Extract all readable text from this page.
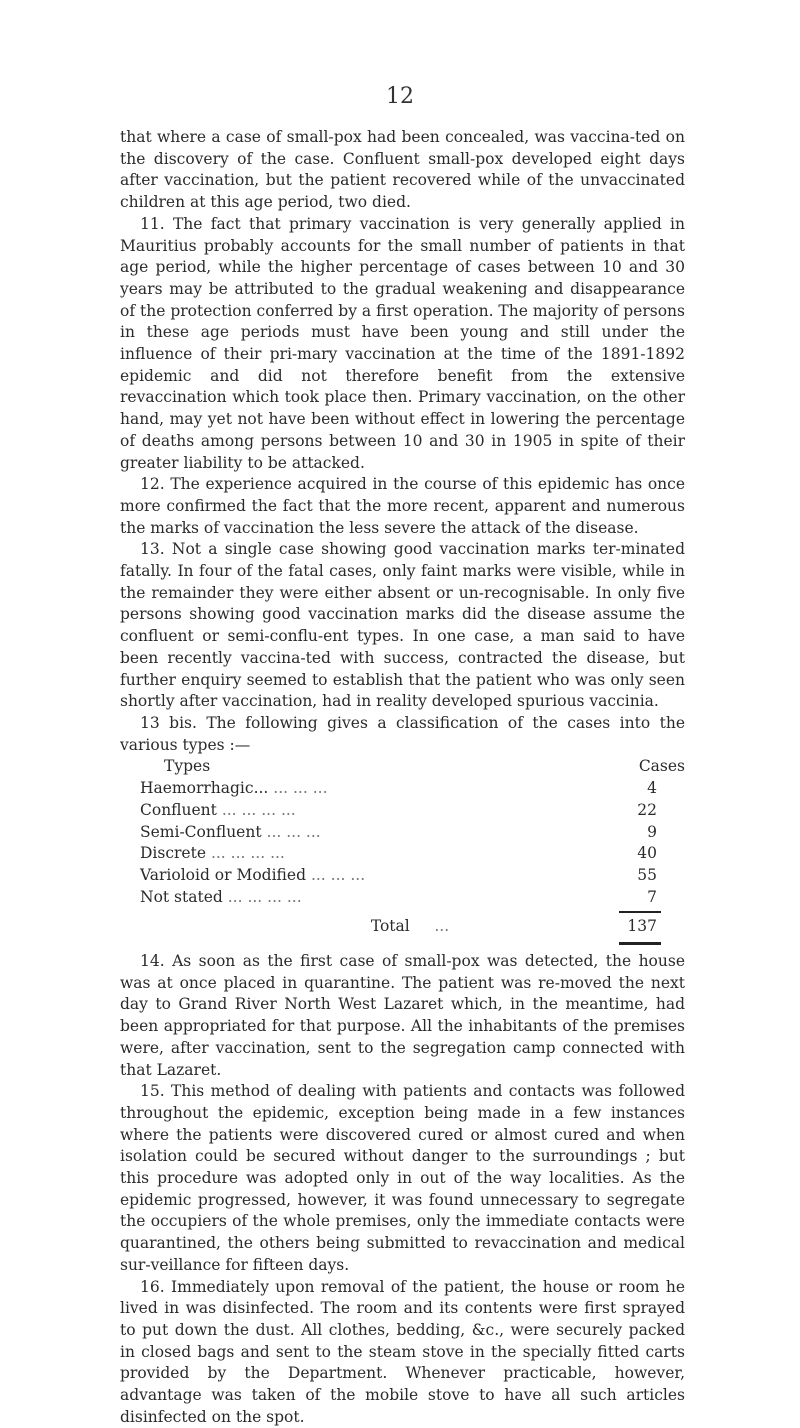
12

that where a case of small-pox had been concealed, was vaccina-ted on the discovery of the case. Confluent small-pox developed eight days after vaccination, but the patient recovered while of the unvaccinated children at this age period, two died.

11. The fact that primary vaccination is very generally applied in Mauritius probably accounts for the small number of patients in that age period, while the higher percentage of cases between 10 and 30 years may be attributed to the gradual weakening and disappearance of the protection conferred by a first operation. The majority of persons in these age periods must have been young and still under the influence of their pri-mary vaccination at the time of the 1891-1892 epidemic and did not therefore benefit from the extensive revaccination which took place then. Primary vaccination, on the other hand, may yet not have been without effect in lowering the percentage of deaths among persons between 10 and 30 in 1905 in spite of their greater liability to be attacked.

12. The experience acquired in the course of this epidemic has once more confirmed the fact that the more recent, apparent and numerous the marks of vaccination the less severe the attack of the disease.

13. Not a single case showing good vaccination marks ter-minated fatally. In four of the fatal cases, only faint marks were visible, while in the remainder they were either absent or un-recognisable. In only five persons showing good vaccination marks did the disease assume the confluent or semi-conflu-ent types. In one case, a man said to have been recently vaccina-ted with success, contracted the disease, but further enquiry seemed to establish that the patient who was only seen shortly after vaccination, had in reality developed spurious vaccinia.

13 bis. The following gives a classification of the cases into the various types :—

Types	Cases
Haemorrhagic... ... ... ...	4
Confluent ... ... ... ...	22
Semi-Confluent ... ... ...	9
Discrete ... ... ... ...	40
Varioloid or Modified ... ... ...	55
Not stated ... ... ... ...	7
Total ...	137

14. As soon as the first case of small-pox was detected, the house was at once placed in quarantine. The patient was re-moved the next day to Grand River North West Lazaret which, in the meantime, had been appropriated for that purpose. All the inhabitants of the premises were, after vaccination, sent to the segregation camp connected with that Lazaret.

15. This method of dealing with patients and contacts was followed throughout the epidemic, exception being made in a few instances where the patients were discovered cured or almost cured and when isolation could be secured without danger to the surroundings ; but this procedure was adopted only in out of the way localities. As the epidemic progressed, however, it was found unnecessary to segregate the occupiers of the whole premises, only the immediate contacts were quarantined, the others being submitted to revaccination and medical sur-veillance for fifteen days.

16. Immediately upon removal of the patient, the house or room he lived in was disinfected. The room and its contents were first sprayed to put down the dust. All clothes, bedding, &c., were securely packed in closed bags and sent to the steam stove in the specially fitted carts provided by the Department. Whenever practicable, however, advantage was taken of the mobile stove to have all such articles disinfected on the spot.
